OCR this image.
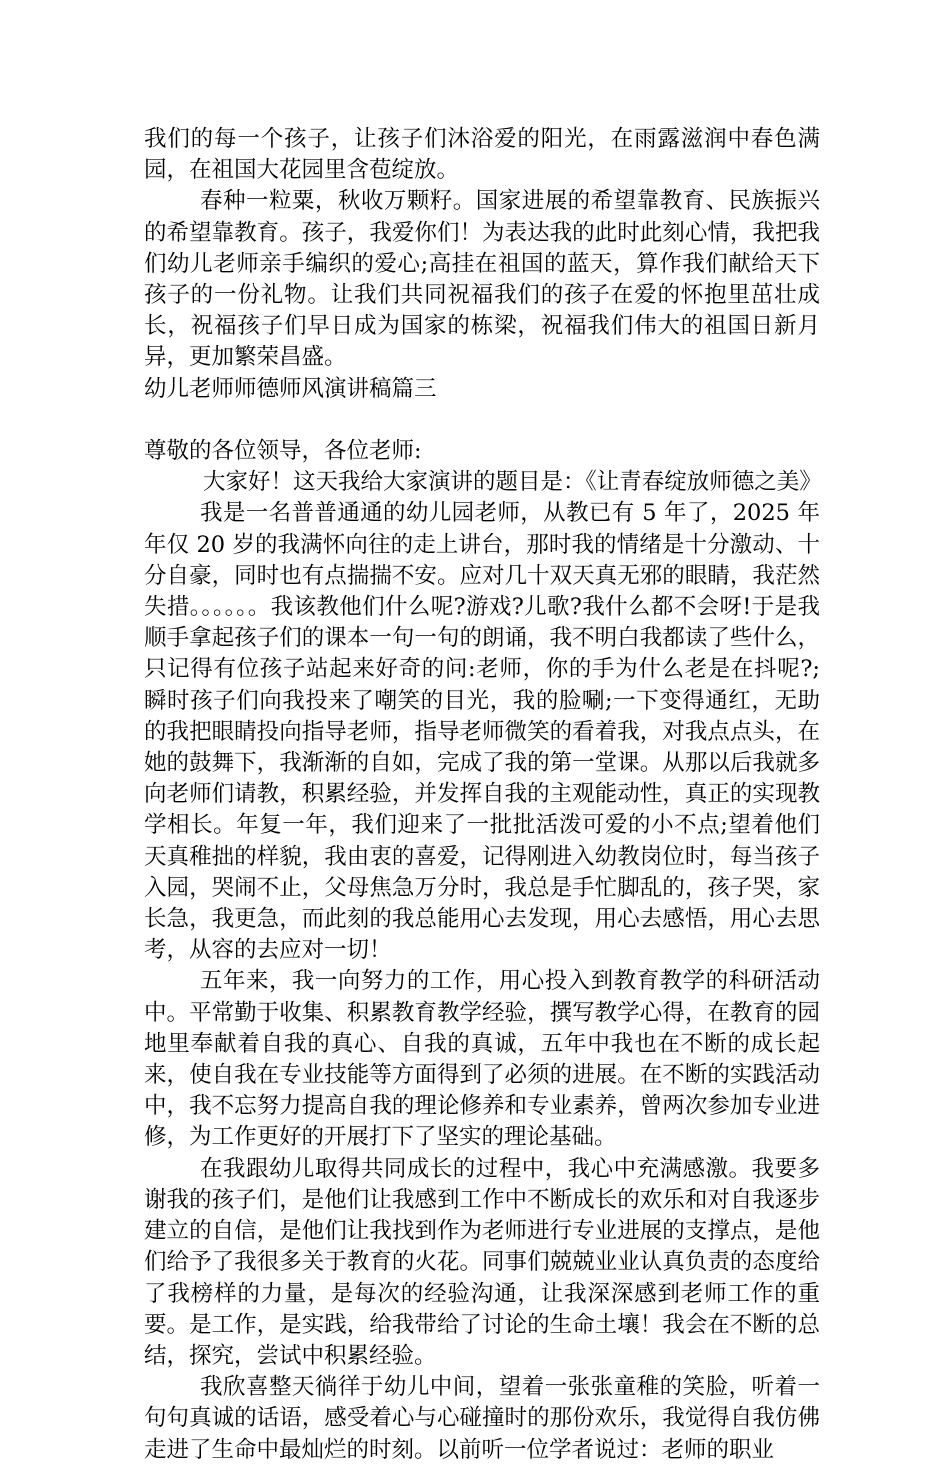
我们的每一个孩子，让孩子们沐浴爱的阳光，在雨露滋润中春色满园，在祖国大花园里含苞绽放。

春种一粒粟，秋收万颗籽。国家进展的希望靠教育、民族振兴的希望靠教育。孩子，我爱你们！为表达我的此时此刻心情，我把我们幼儿老师亲手编织的爱心;高挂在祖国的蓝天，算作我们献给天下孩子的一份礼物。让我们共同祝福我们的孩子在爱的怀抱里茁壮成长，祝福孩子们早日成为国家的栋梁，祝福我们伟大的祖国日新月异，更加繁荣昌盛。

幼儿老师师德师风演讲稿篇三

尊敬的各位领导，各位老师:

大家好！这天我给大家演讲的题目是：《让青春绽放师德之美》

我是一名普普通通的幼儿园老师，从教已有 5 年了，2025 年年仅 20 岁的我满怀向往的走上讲台，那时我的情绪是十分激动、十分自豪，同时也有点揣揣不安。应对几十双天真无邪的眼睛，我茫然失措。。。。。。我该教他们什么呢?游戏?儿歌?我什么都不会呀!于是我顺手拿起孩子们的课本一句一句的朗诵，我不明白我都读了些什么，只记得有位孩子站起来好奇的问:老师，你的手为什么老是在抖呢?;瞬时孩子们向我投来了嘲笑的目光，我的脸唰;一下变得通红，无助的我把眼睛投向指导老师，指导老师微笑的看着我，对我点点头，在她的鼓舞下，我渐渐的自如，完成了我的第一堂课。从那以后我就多向老师们请教，积累经验，并发挥自我的主观能动性，真正的实现教学相长。年复一年，我们迎来了一批批活泼可爱的小不点;望着他们天真稚拙的样貌，我由衷的喜爱，记得刚进入幼教岗位时，每当孩子入园，哭闹不止，父母焦急万分时，我总是手忙脚乱的，孩子哭，家长急，我更急，而此刻的我总能用心去发现，用心去感悟，用心去思考，从容的去应对一切！

五年来，我一向努力的工作，用心投入到教育教学的科研活动中。平常勤于收集、积累教育教学经验，撰写教学心得，在教育的园地里奉献着自我的真心、自我的真诚，五年中我也在不断的成长起来，使自我在专业技能等方面得到了必须的进展。在不断的实践活动中，我不忘努力提高自我的理论修养和专业素养，曾两次参加专业进修，为工作更好的开展打下了坚实的理论基础。

在我跟幼儿取得共同成长的过程中，我心中充满感激。我要多谢我的孩子们，是他们让我感到工作中不断成长的欢乐和对自我逐步建立的自信，是他们让我找到作为老师进行专业进展的支撑点，是他们给予了我很多关于教育的火花。同事们兢兢业业认真负责的态度给了我榜样的力量，是每次的经验沟通，让我深深感到老师工作的重要。是工作，是实践，给我带给了讨论的生命土壤！我会在不断的总结，探究，尝试中积累经验。

我欣喜整天徜徉于幼儿中间，望着一张张童稚的笑脸，听着一句句真诚的话语，感受着心与心碰撞时的那份欢乐，我觉得自我仿佛走进了生命中最灿烂的时刻。以前听一位学者说过：老师的职业
